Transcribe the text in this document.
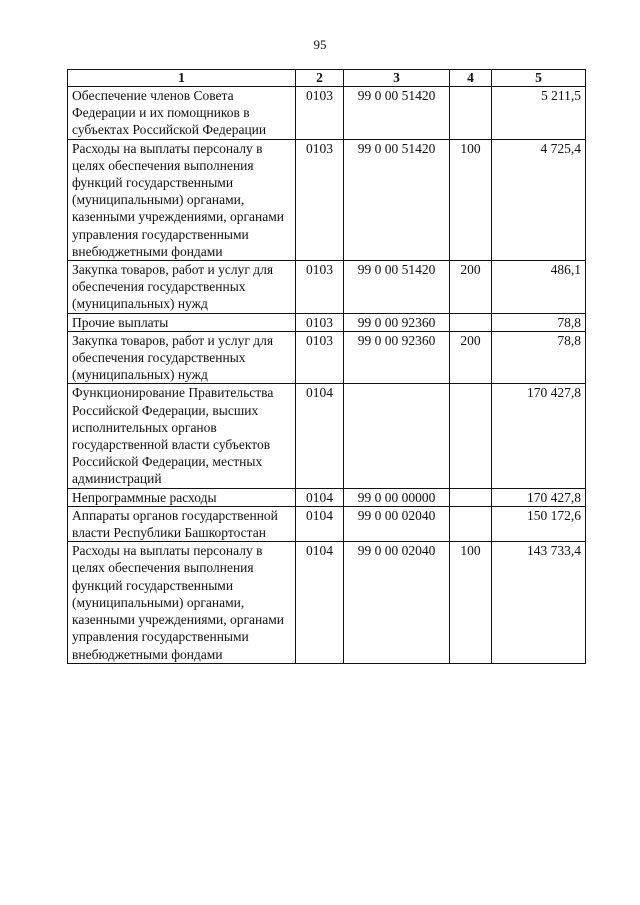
95
1	2	3	4	5
Обеспечение членов Совета Федерации и их помощников в субъектах Российской Федерации	0103	99 0 00 51420		5 211,5
Расходы на выплаты персоналу в целях обеспечения выполнения функций государственными (муниципальными) органами, казенными учреждениями, органами управления государственными внебюджетными фондами	0103	99 0 00 51420	100	4 725,4
Закупка товаров, работ и услуг для обеспечения государственных (муниципальных) нужд	0103	99 0 00 51420	200	486,1
Прочие выплаты	0103	99 0 00 92360		78,8
Закупка товаров, работ и услуг для обеспечения государственных (муниципальных) нужд	0103	99 0 00 92360	200	78,8
Функционирование Правительства Российской Федерации, высших исполнительных органов государственной власти субъектов Российской Федерации, местных администраций	0104			170 427,8
Непрограммные расходы	0104	99 0 00 00000		170 427,8
Аппараты органов государственной власти Республики Башкортостан	0104	99 0 00 02040		150 172,6
Расходы на выплаты персоналу в целях обеспечения выполнения функций государственными (муниципальными) органами, казенными учреждениями, органами управления государственными внебюджетными фондами	0104	99 0 00 02040	100	143 733,4
